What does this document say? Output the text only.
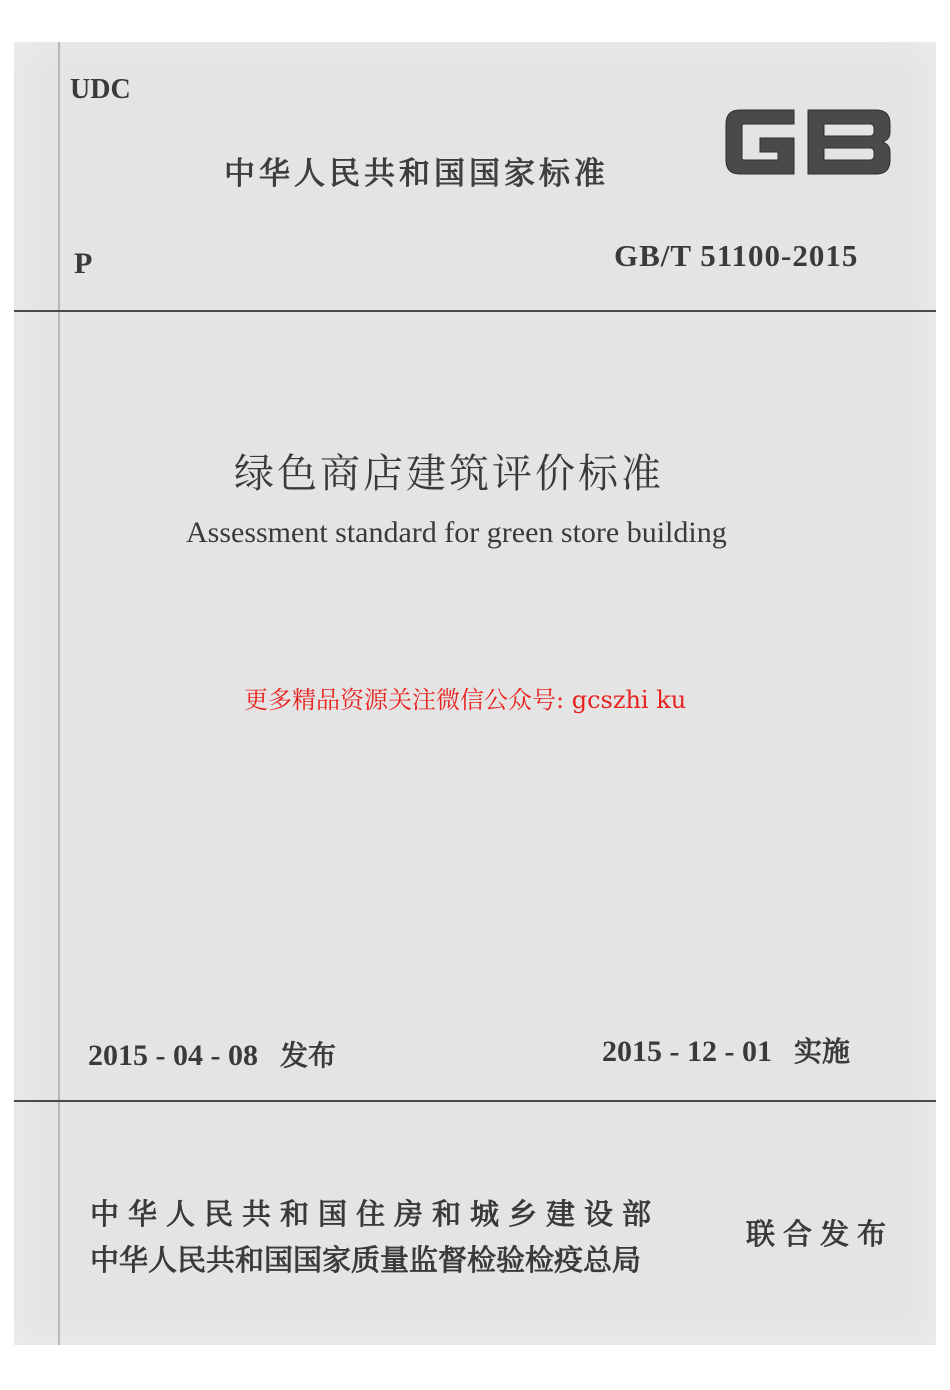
UDC

中华人民共和国国家标准

P	GB/T 51100-2015

绿色商店建筑评价标准

Assessment standard for green store building

更多精品资源关注微信公众号: gcszhi ku

2015 - 04 - 08 发布	2015 - 12 - 01 实施

中华人民共和国住房和城乡建设部

中华人民共和国国家质量监督检验检疫总局

联合发布
